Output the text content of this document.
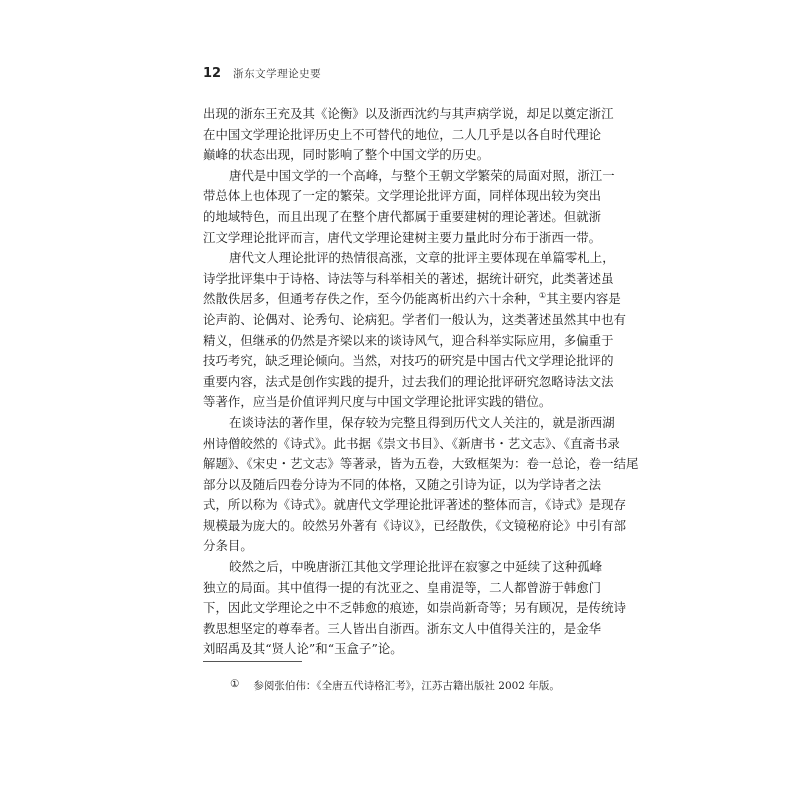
12 浙东文学理论史要
出现的浙东王充及其《论衡》以及浙西沈约与其声病学说，却足以奠定浙江
在中国文学理论批评历史上不可替代的地位，二人几乎是以各自时代理论
巅峰的状态出现，同时影响了整个中国文学的历史。
唐代是中国文学的一个高峰，与整个王朝文学繁荣的局面对照，浙江一
带总体上也体现了一定的繁荣。文学理论批评方面，同样体现出较为突出
的地域特色，而且出现了在整个唐代都属于重要建树的理论著述。但就浙
江文学理论批评而言，唐代文学理论建树主要力量此时分布于浙西一带。
唐代文人理论批评的热情很高涨，文章的批评主要体现在单篇零札上，
诗学批评集中于诗格、诗法等与科举相关的著述，据统计研究，此类著述虽
然散佚居多，但通考存佚之作，至今仍能离析出约六十余种，①其主要内容是
论声韵、论偶对、论秀句、论病犯。学者们一般认为，这类著述虽然其中也有
精义，但继承的仍然是齐梁以来的谈诗风气，迎合科举实际应用，多偏重于
技巧考究，缺乏理论倾向。当然，对技巧的研究是中国古代文学理论批评的
重要内容，法式是创作实践的提升，过去我们的理论批评研究忽略诗法文法
等著作，应当是价值评判尺度与中国文学理论批评实践的错位。
在谈诗法的著作里，保存较为完整且得到历代文人关注的，就是浙西湖
州诗僧皎然的《诗式》。此书据《崇文书目》、《新唐书・艺文志》、《直斋书录
解题》、《宋史・艺文志》等著录，皆为五卷，大致框架为：卷一总论，卷一结尾
部分以及随后四卷分诗为不同的体格，又随之引诗为证，以为学诗者之法
式，所以称为《诗式》。就唐代文学理论批评著述的整体而言，《诗式》是现存
规模最为庞大的。皎然另外著有《诗议》，已经散佚，《文镜秘府论》中引有部
分条目。
皎然之后，中晚唐浙江其他文学理论批评在寂寥之中延续了这种孤峰
独立的局面。其中值得一提的有沈亚之、皇甫湜等，二人都曾游于韩愈门
下，因此文学理论之中不乏韩愈的痕迹，如崇尚新奇等；另有顾况，是传统诗
教思想坚定的尊奉者。三人皆出自浙西。浙东文人中值得关注的，是金华
刘昭禹及其“贤人论”和“玉盒子”论。
① 参阅张伯伟：《全唐五代诗格汇考》，江苏古籍出版社 2002 年版。
